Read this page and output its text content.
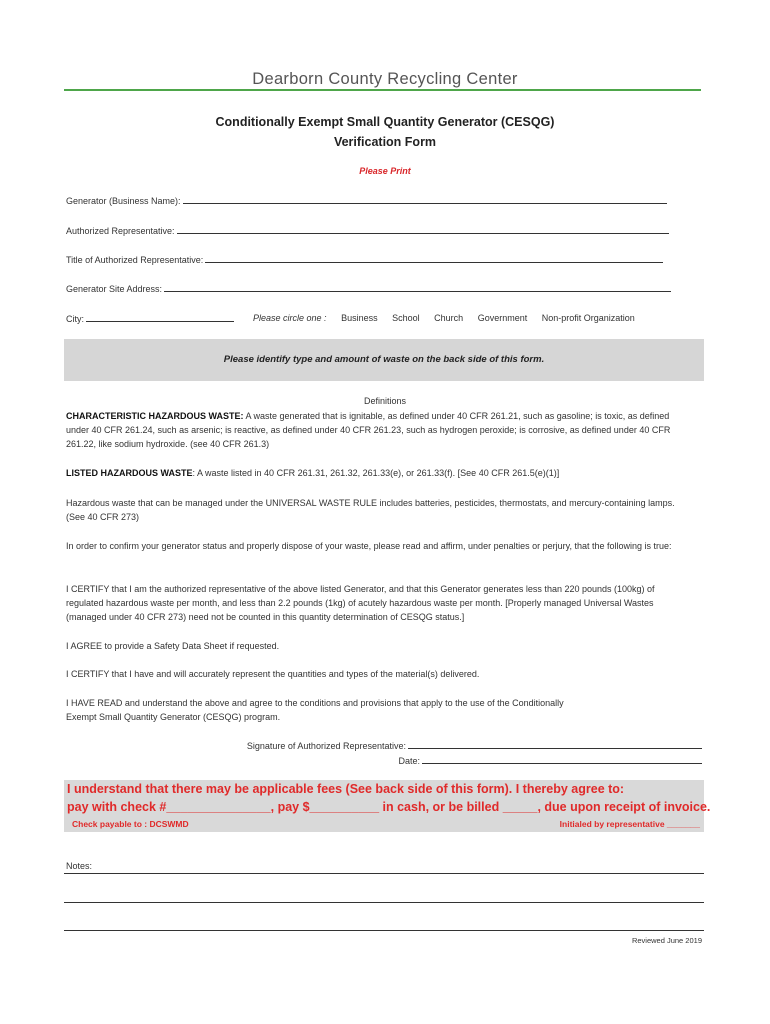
Dearborn County Recycling Center
Conditionally Exempt Small Quantity Generator (CESQG)
Verification Form
Please Print
Generator (Business Name):
Authorized Representative:
Title of Authorized Representative:
Generator Site Address:
City:	Please circle one : Business School Church Government Non-profit Organization
Please identify type and amount of waste on the back side of this form.
Definitions
CHARACTERISTIC HAZARDOUS WASTE: A waste generated that is ignitable, as defined under 40 CFR 261.21, such as gasoline; is toxic, as defined under 40 CFR 261.24, such as arsenic; is reactive, as defined under 40 CFR 261.23, such as hydrogen peroxide; is corrosive, as defined under 40 CFR 261.22, like sodium hydroxide. (see 40 CFR 261.3)
LISTED HAZARDOUS WASTE: A waste listed in 40 CFR 261.31, 261.32, 261.33(e), or 261.33(f). [See 40 CFR 261.5(e)(1)]
Hazardous waste that can be managed under the UNIVERSAL WASTE RULE includes batteries, pesticides, thermostats, and mercury-containing lamps. (See 40 CFR 273)
In order to confirm your generator status and properly dispose of your waste, please read and affirm, under penalties or perjury, that the following is true:
I CERTIFY that I am the authorized representative of the above listed Generator, and that this Generator generates less than 220 pounds (100kg) of regulated hazardous waste per month, and less than 2.2 pounds (1kg) of acutely hazardous waste per month. [Properly managed Universal Wastes (managed under 40 CFR 273) need not be counted in this quantity determination of CESQG status.]
I AGREE to provide a Safety Data Sheet if requested.
I CERTIFY that I have and will accurately represent the quantities and types of the material(s) delivered.
I HAVE READ and understand the above and agree to the conditions and provisions that apply to the use of the Conditionally Exempt Small Quantity Generator (CESQG) program.
Signature of Authorized Representative:
Date:
I understand that there may be applicable fees (See back side of this form). I thereby agree to:
pay with check #_______________, pay $__________ in cash, or be billed _____, due upon receipt of invoice.
Check payable to : DCSWMD	Initialed by representative _______
Notes:
Reviewed June 2019
